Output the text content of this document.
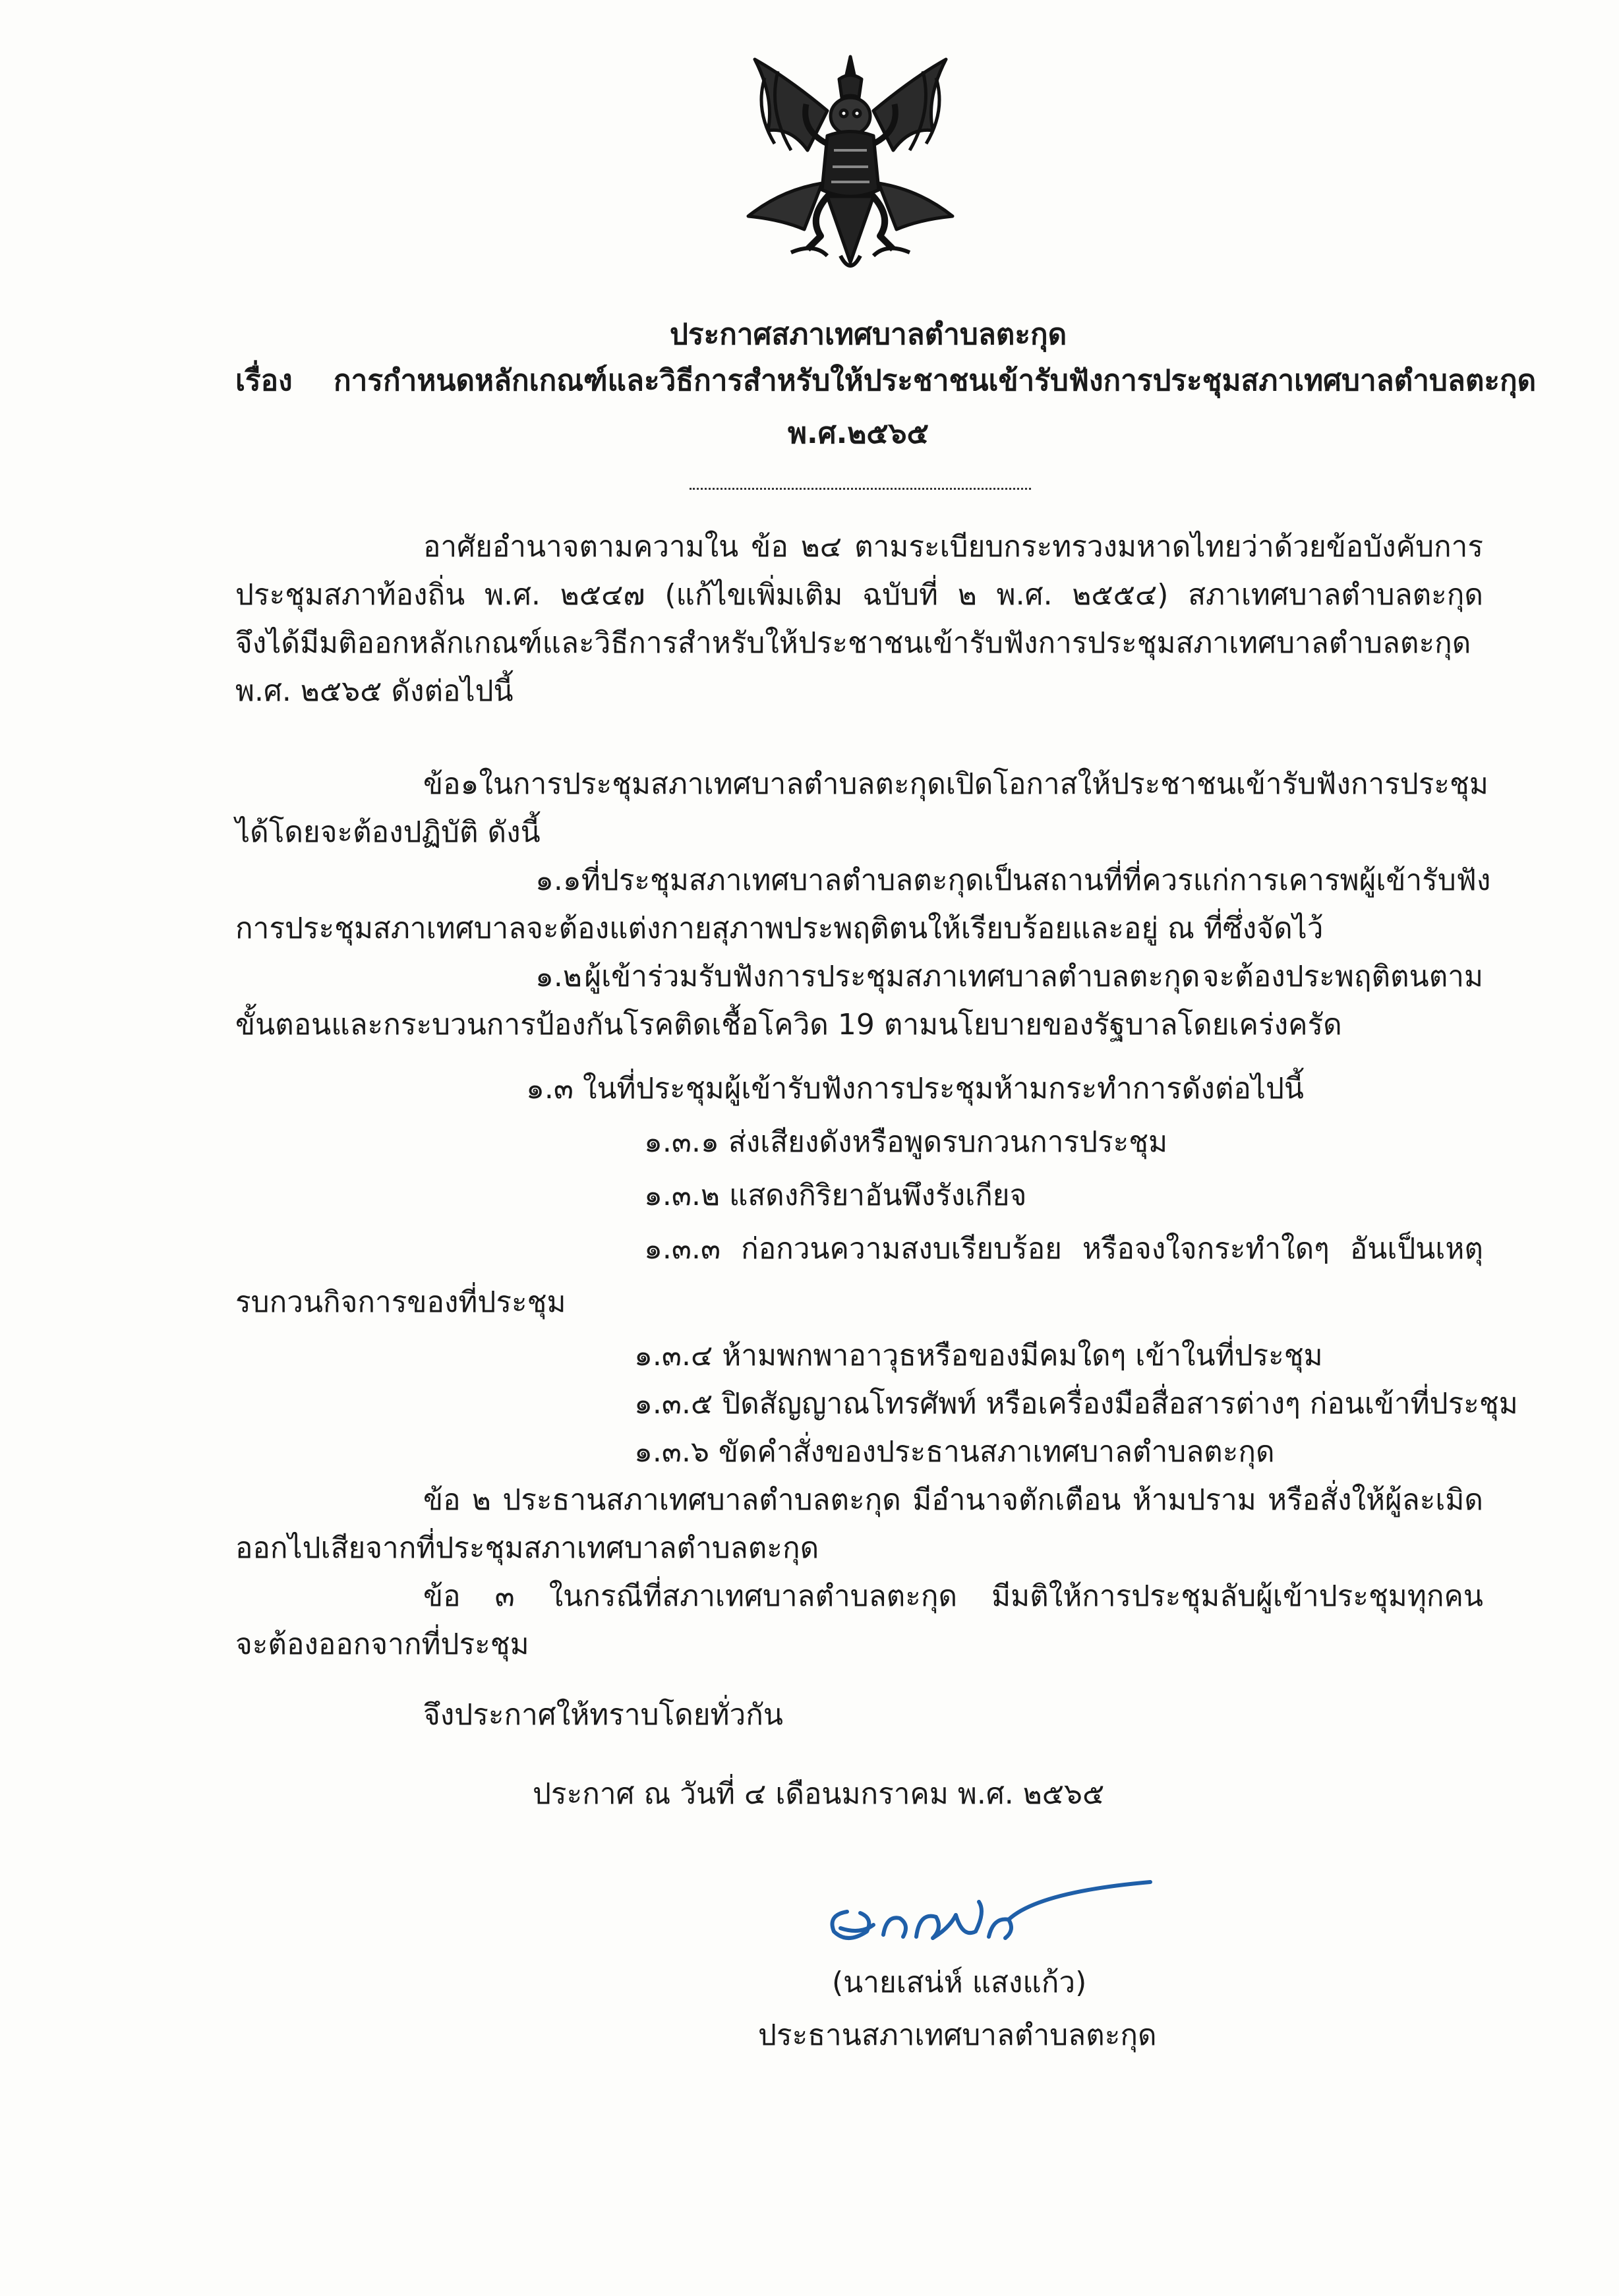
ประกาศสภาเทศบาลตำบลตะกุด
เรื่อง การกำหนดหลักเกณฑ์และวิธีการสำหรับให้ประชาชนเข้ารับฟังการประชุมสภาเทศบาลตำบลตะกุด
พ.ศ.๒๕๖๕
อาศัยอำนาจตามความใน ข้อ ๒๔ ตามระเบียบกระทรวงมหาดไทยว่าด้วยข้อบังคับการ
ประชุมสภาท้องถิ่น พ.ศ. ๒๕๔๗ (แก้ไขเพิ่มเติม ฉบับที่ ๒ พ.ศ. ๒๕๕๔) สภาเทศบาลตำบลตะกุด
จึงได้มีมติออกหลักเกณฑ์และวิธีการสำหรับให้ประชาชนเข้ารับฟังการประชุมสภาเทศบาลตำบลตะกุด
พ.ศ. ๒๕๖๕ ดังต่อไปนี้
ข้อ ๑ ในการประชุมสภาเทศบาลตำบลตะกุด เปิดโอกาสให้ประชาชนเข้ารับฟังการประชุม
ได้โดยจะต้องปฏิบัติ ดังนี้
๑.๑ ที่ประชุมสภาเทศบาลตำบลตะกุด เป็นสถานที่ที่ควรแก่การเคารพผู้เข้ารับฟัง
การประชุมสภาเทศบาลจะต้องแต่งกายสุภาพประพฤติตนให้เรียบร้อยและอยู่ ณ ที่ซึ่งจัดไว้
๑.๒ ผู้เข้าร่วมรับฟังการประชุมสภาเทศบาลตำบลตะกุด จะต้องประพฤติตนตาม
ขั้นตอนและกระบวนการป้องกันโรคติดเชื้อโควิด 19 ตามนโยบายของรัฐบาลโดยเคร่งครัด
๑.๓ ในที่ประชุมผู้เข้ารับฟังการประชุมห้ามกระทำการดังต่อไปนี้
๑.๓.๑ ส่งเสียงดังหรือพูดรบกวนการประชุม
๑.๓.๒ แสดงกิริยาอันพึงรังเกียจ
๑.๓.๓ ก่อกวนความสงบเรียบร้อย หรือจงใจกระทำใดๆ อันเป็นเหตุ
รบกวนกิจการของที่ประชุม
๑.๓.๔ ห้ามพกพาอาวุธหรือของมีคมใดๆ เข้าในที่ประชุม
๑.๓.๕ ปิดสัญญาณโทรศัพท์ หรือเครื่องมือสื่อสารต่างๆ ก่อนเข้าที่ประชุม
๑.๓.๖ ขัดคำสั่งของประธานสภาเทศบาลตำบลตะกุด
ข้อ ๒ ประธานสภาเทศบาลตำบลตะกุด มีอำนาจตักเตือน ห้ามปราม หรือสั่งให้ผู้ละเมิด
ออกไปเสียจากที่ประชุมสภาเทศบาลตำบลตะกุด
ข้อ ๓ ในกรณีที่สภาเทศบาลตำบลตะกุด มีมติให้การประชุมลับผู้เข้าประชุมทุกคน
จะต้องออกจากที่ประชุม
จึงประกาศให้ทราบโดยทั่วกัน
ประกาศ ณ วันที่ ๔ เดือนมกราคม พ.ศ. ๒๕๖๕
(นายเสน่ห์ แสงแก้ว)
ประธานสภาเทศบาลตำบลตะกุด
